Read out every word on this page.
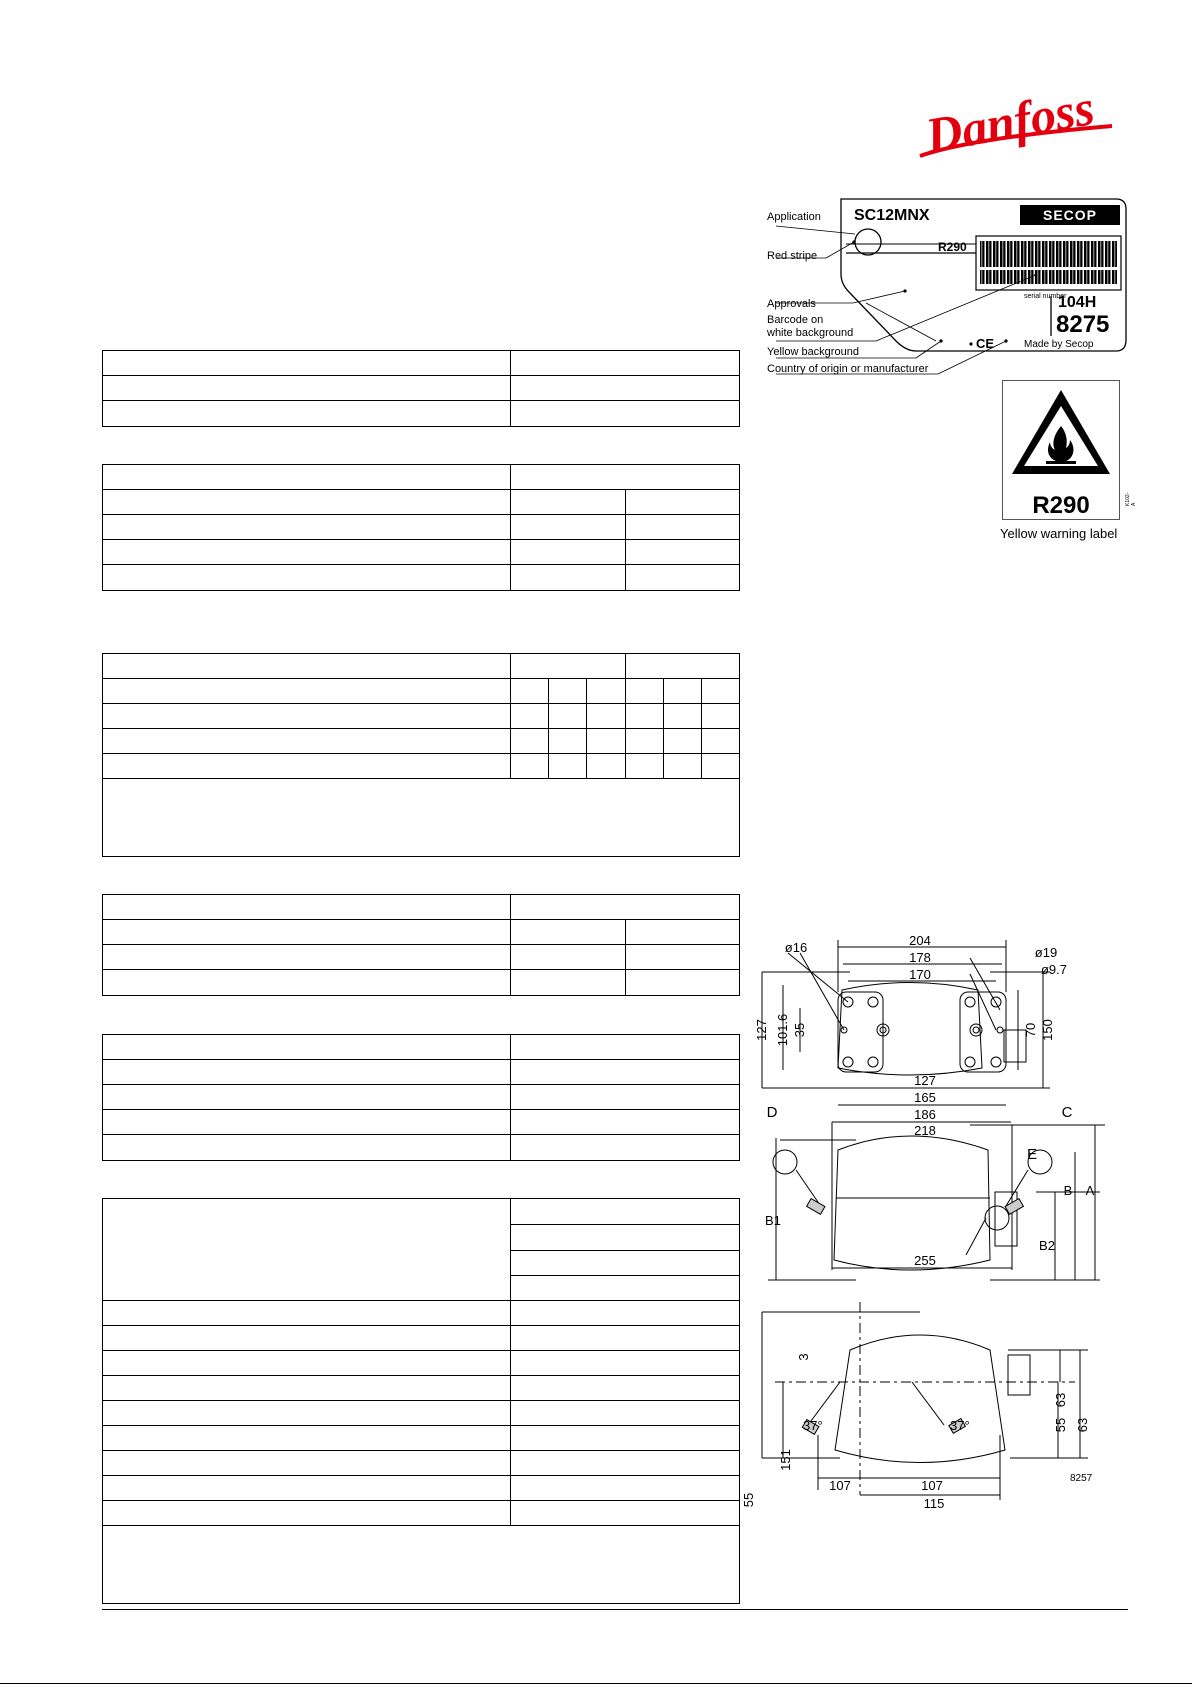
Danfoss
Application
Red stripe
Approvals
Barcode on
white background
Yellow background
Country of origin or manufacturer
SC12MNX	SECOP
R290
serial number
104H
8275
Made by Secop
CE
R290	K102-A
Yellow warning label
204
178
170
ø16	ø19
ø9.7
127
165
186
127 101.6 35	70 150
218
255
D	C
E
B1
B A
B2
3
151
55
37°	37°
63
55 63
107	107
115
8257
